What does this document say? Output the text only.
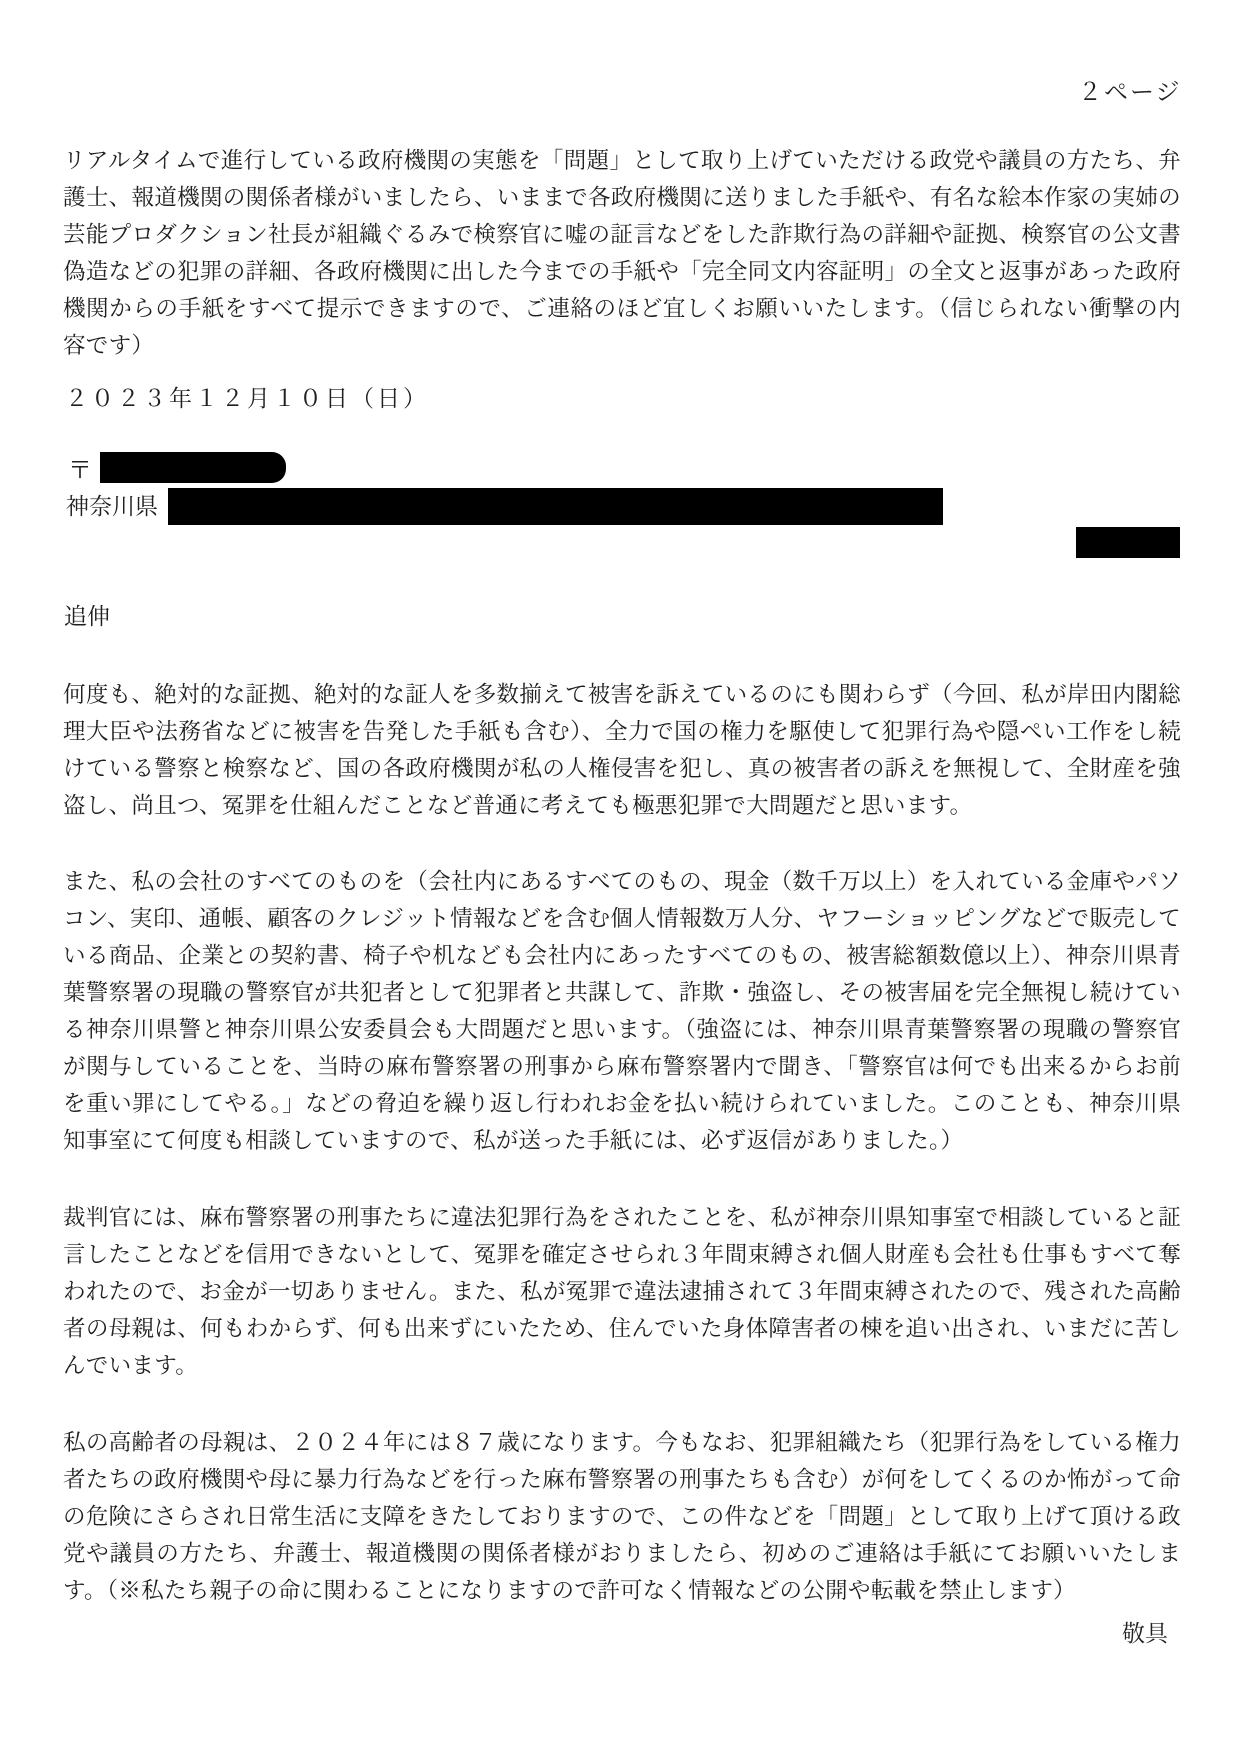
２ページ
リアルタイムで進行している政府機関の実態を「問題」として取り上げていただける政党や議員の方たち、弁護士、報道機関の関係者様がいましたら、いままで各政府機関に送りました手紙や、有名な絵本作家の実姉の芸能プロダクション社長が組織ぐるみで検察官に嘘の証言などをした詐欺行為の詳細や証拠、検察官の公文書偽造などの犯罪の詳細、各政府機関に出した今までの手紙や「完全同文内容証明」の全文と返事があった政府機関からの手紙をすべて提示できますので、ご連絡のほど宜しくお願いいたします。（信じられない衝撃の内容です）
２０２３年１２月１０日（日）
〒
神奈川県
追伸
何度も、絶対的な証拠、絶対的な証人を多数揃えて被害を訴えているのにも関わらず（今回、私が岸田内閣総理大臣や法務省などに被害を告発した手紙も含む）、全力で国の権力を駆使して犯罪行為や隠ぺい工作をし続けている警察と検察など、国の各政府機関が私の人権侵害を犯し、真の被害者の訴えを無視して、全財産を強盗し、尚且つ、冤罪を仕組んだことなど普通に考えても極悪犯罪で大問題だと思います。
また、私の会社のすべてのものを（会社内にあるすべてのもの、現金（数千万以上）を入れている金庫やパソコン、実印、通帳、顧客のクレジット情報などを含む個人情報数万人分、ヤフーショッピングなどで販売している商品、企業との契約書、椅子や机なども会社内にあったすべてのもの、被害総額数億以上）、神奈川県青葉警察署の現職の警察官が共犯者として犯罪者と共謀して、詐欺・強盗し、その被害届を完全無視し続けている神奈川県警と神奈川県公安委員会も大問題だと思います。（強盗には、神奈川県青葉警察署の現職の警察官が関与していることを、当時の麻布警察署の刑事から麻布警察署内で聞き、「警察官は何でも出来るからお前を重い罪にしてやる。」などの脅迫を繰り返し行われお金を払い続けられていました。このことも、神奈川県知事室にて何度も相談していますので、私が送った手紙には、必ず返信がありました。）
裁判官には、麻布警察署の刑事たちに違法犯罪行為をされたことを、私が神奈川県知事室で相談していると証言したことなどを信用できないとして、冤罪を確定させられ３年間束縛され個人財産も会社も仕事もすべて奪われたので、お金が一切ありません。また、私が冤罪で違法逮捕されて３年間束縛されたので、残された高齢者の母親は、何もわからず、何も出来ずにいたため、住んでいた身体障害者の棟を追い出され、いまだに苦しんでいます。
私の高齢者の母親は、２０２４年には８７歳になります。今もなお、犯罪組織たち（犯罪行為をしている権力者たちの政府機関や母に暴力行為などを行った麻布警察署の刑事たちも含む）が何をしてくるのか怖がって命の危険にさらされ日常生活に支障をきたしておりますので、この件などを「問題」として取り上げて頂ける政党や議員の方たち、弁護士、報道機関の関係者様がおりましたら、初めのご連絡は手紙にてお願いいたします。（※私たち親子の命に関わることになりますので許可なく情報などの公開や転載を禁止します）
敬具
